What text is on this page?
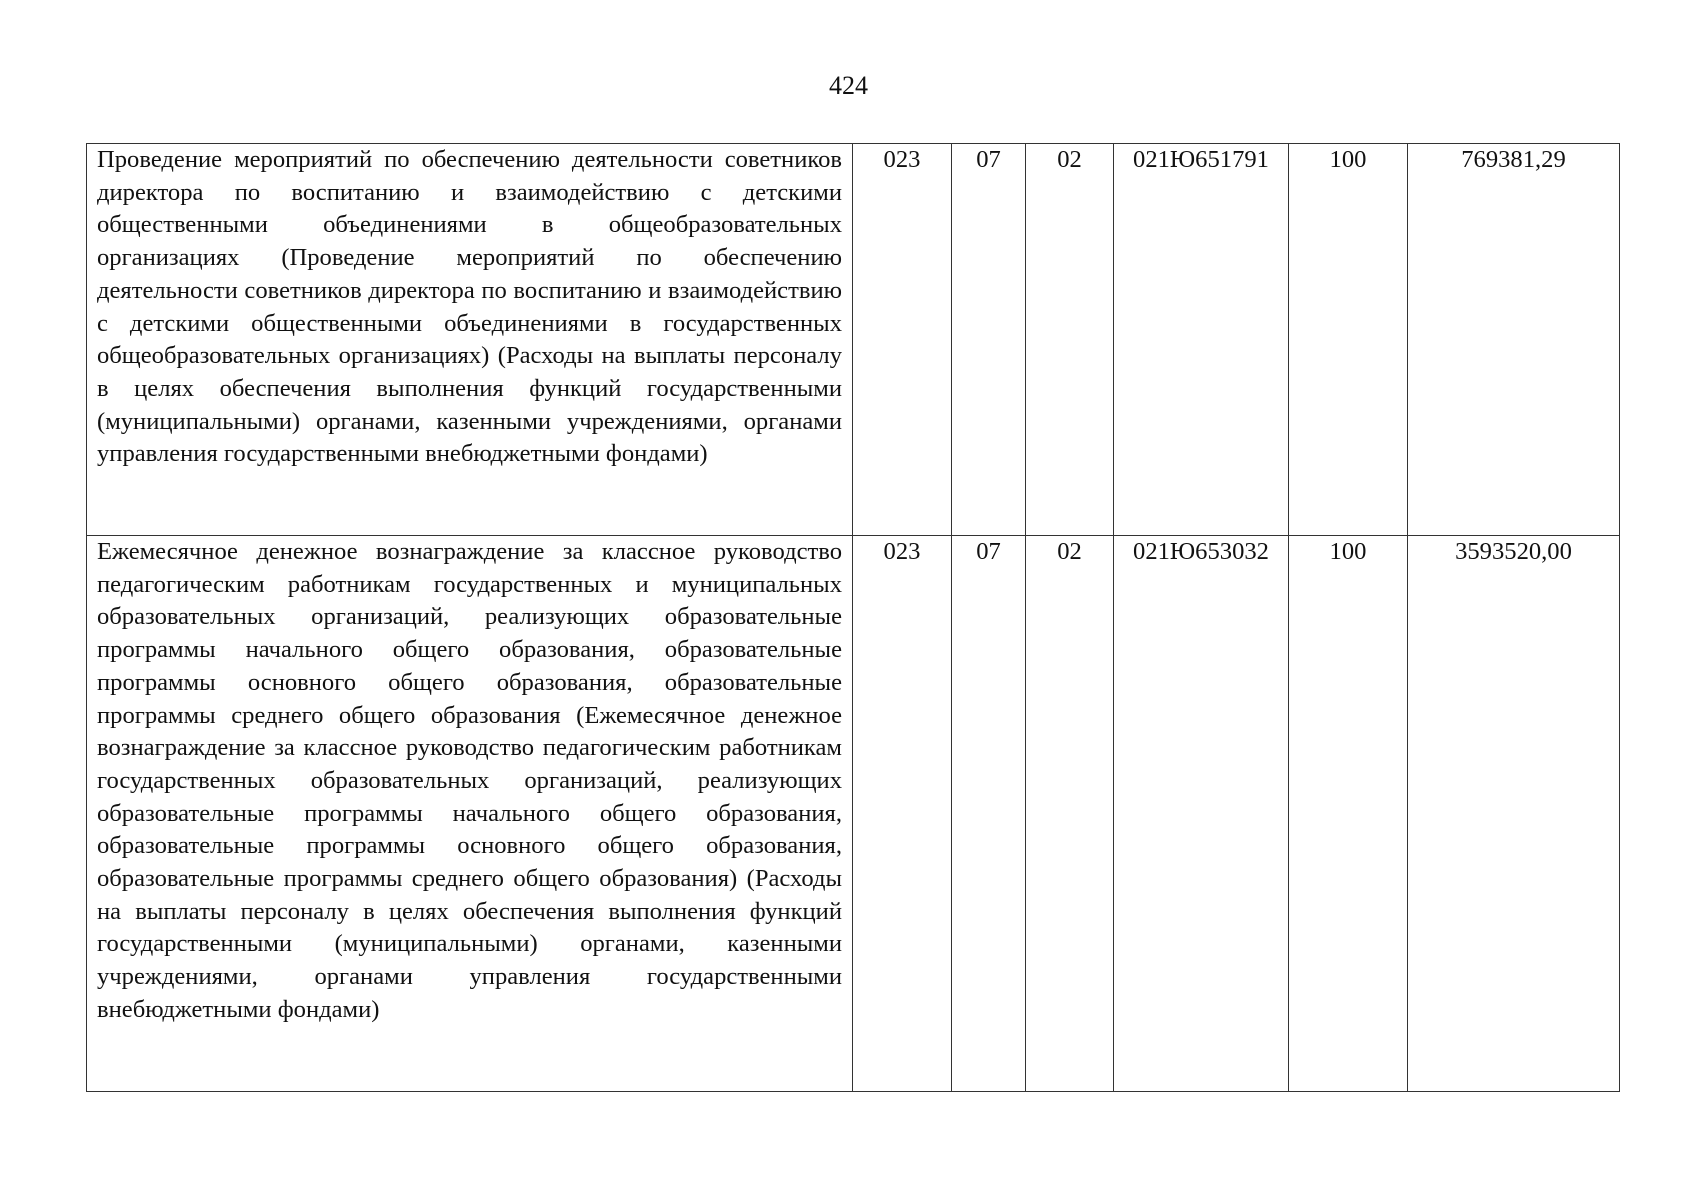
424
Проведение мероприятий по обеспечению деятельности советников директора по воспитанию и взаимодействию с детскими общественными объединениями в общеобразовательных организациях (Проведение мероприятий по обеспечению деятельности советников директора по воспитанию и взаимодействию с детскими общественными объединениями в государственных общеобразовательных организациях) (Расходы на выплаты персоналу в целях обеспечения выполнения функций государственными (муниципальными) органами, казенными учреждениями, органами управления государственными внебюджетными фондами)	023	07	02	021Ю651791	100	769381,29
Ежемесячное денежное вознаграждение за классное руководство педагогическим работникам государственных и муниципальных образовательных организаций, реализующих образовательные программы начального общего образования, образовательные программы основного общего образования, образовательные программы среднего общего образования (Ежемесячное денежное вознаграждение за классное руководство педагогическим работникам государственных образовательных организаций, реализующих образовательные программы начального общего образования, образовательные программы основного общего образования, образовательные программы среднего общего образования) (Расходы на выплаты персоналу в целях обеспечения выполнения функций государственными (муниципальными) органами, казенными учреждениями, органами управления государственными внебюджетными фондами)	023	07	02	021Ю653032	100	3593520,00
